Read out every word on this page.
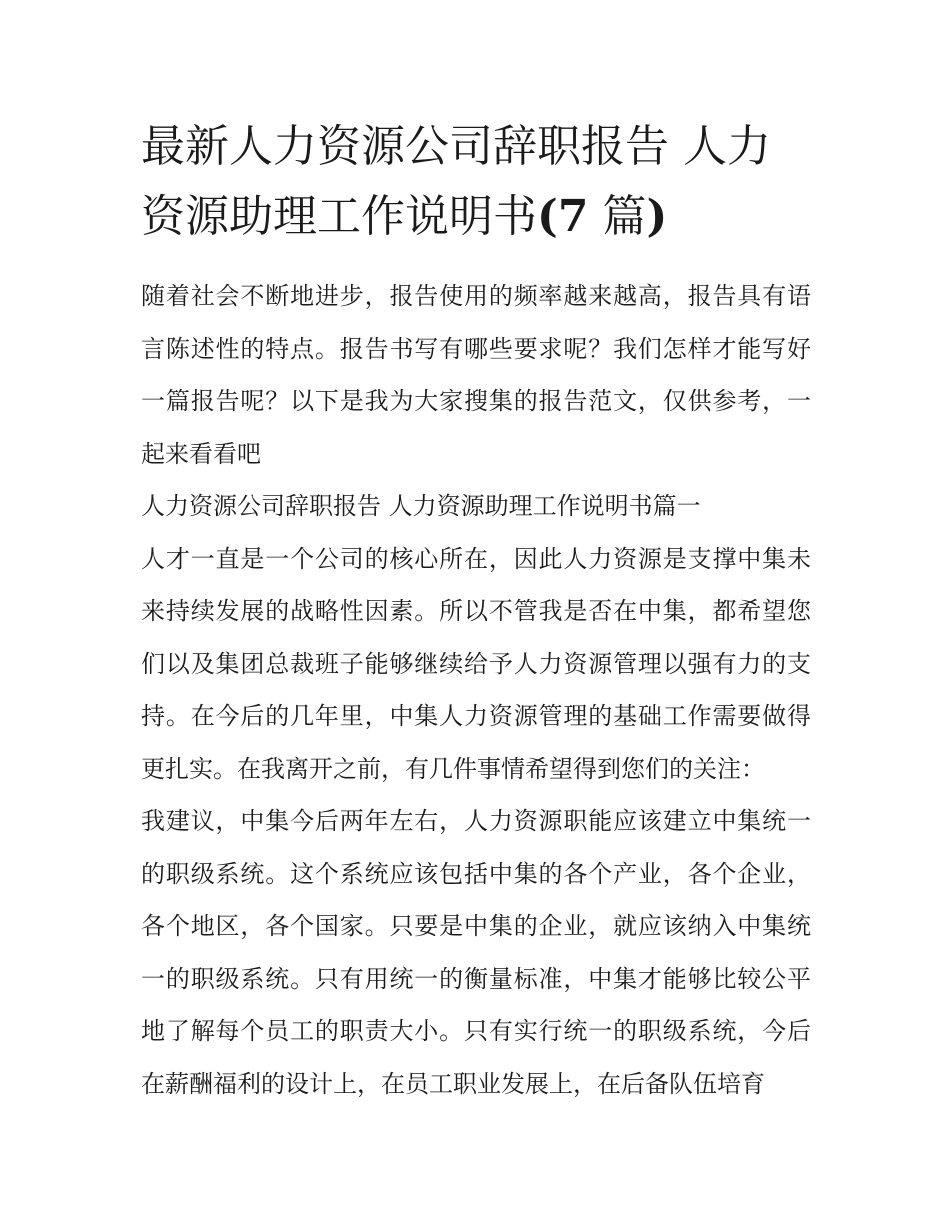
最新人力资源公司辞职报告 人力资源助理工作说明书(7 篇)

随着社会不断地进步，报告使用的频率越来越高，报告具有语言陈述性的特点。报告书写有哪些要求呢？我们怎样才能写好一篇报告呢？以下是我为大家搜集的报告范文，仅供参考，一起来看看吧

人力资源公司辞职报告 人力资源助理工作说明书篇一

人才一直是一个公司的核心所在，因此人力资源是支撑中集未来持续发展的战略性因素。所以不管我是否在中集，都希望您们以及集团总裁班子能够继续给予人力资源管理以强有力的支持。在今后的几年里，中集人力资源管理的基础工作需要做得更扎实。在我离开之前，有几件事情希望得到您们的关注：

我建议，中集今后两年左右，人力资源职能应该建立中集统一的职级系统。这个系统应该包括中集的各个产业，各个企业，各个地区，各个国家。只要是中集的企业，就应该纳入中集统一的职级系统。只有用统一的衡量标准，中集才能够比较公平地了解每个员工的职责大小。只有实行统一的职级系统，今后在薪酬福利的设计上，在员工职业发展上，在后备队伍培育
